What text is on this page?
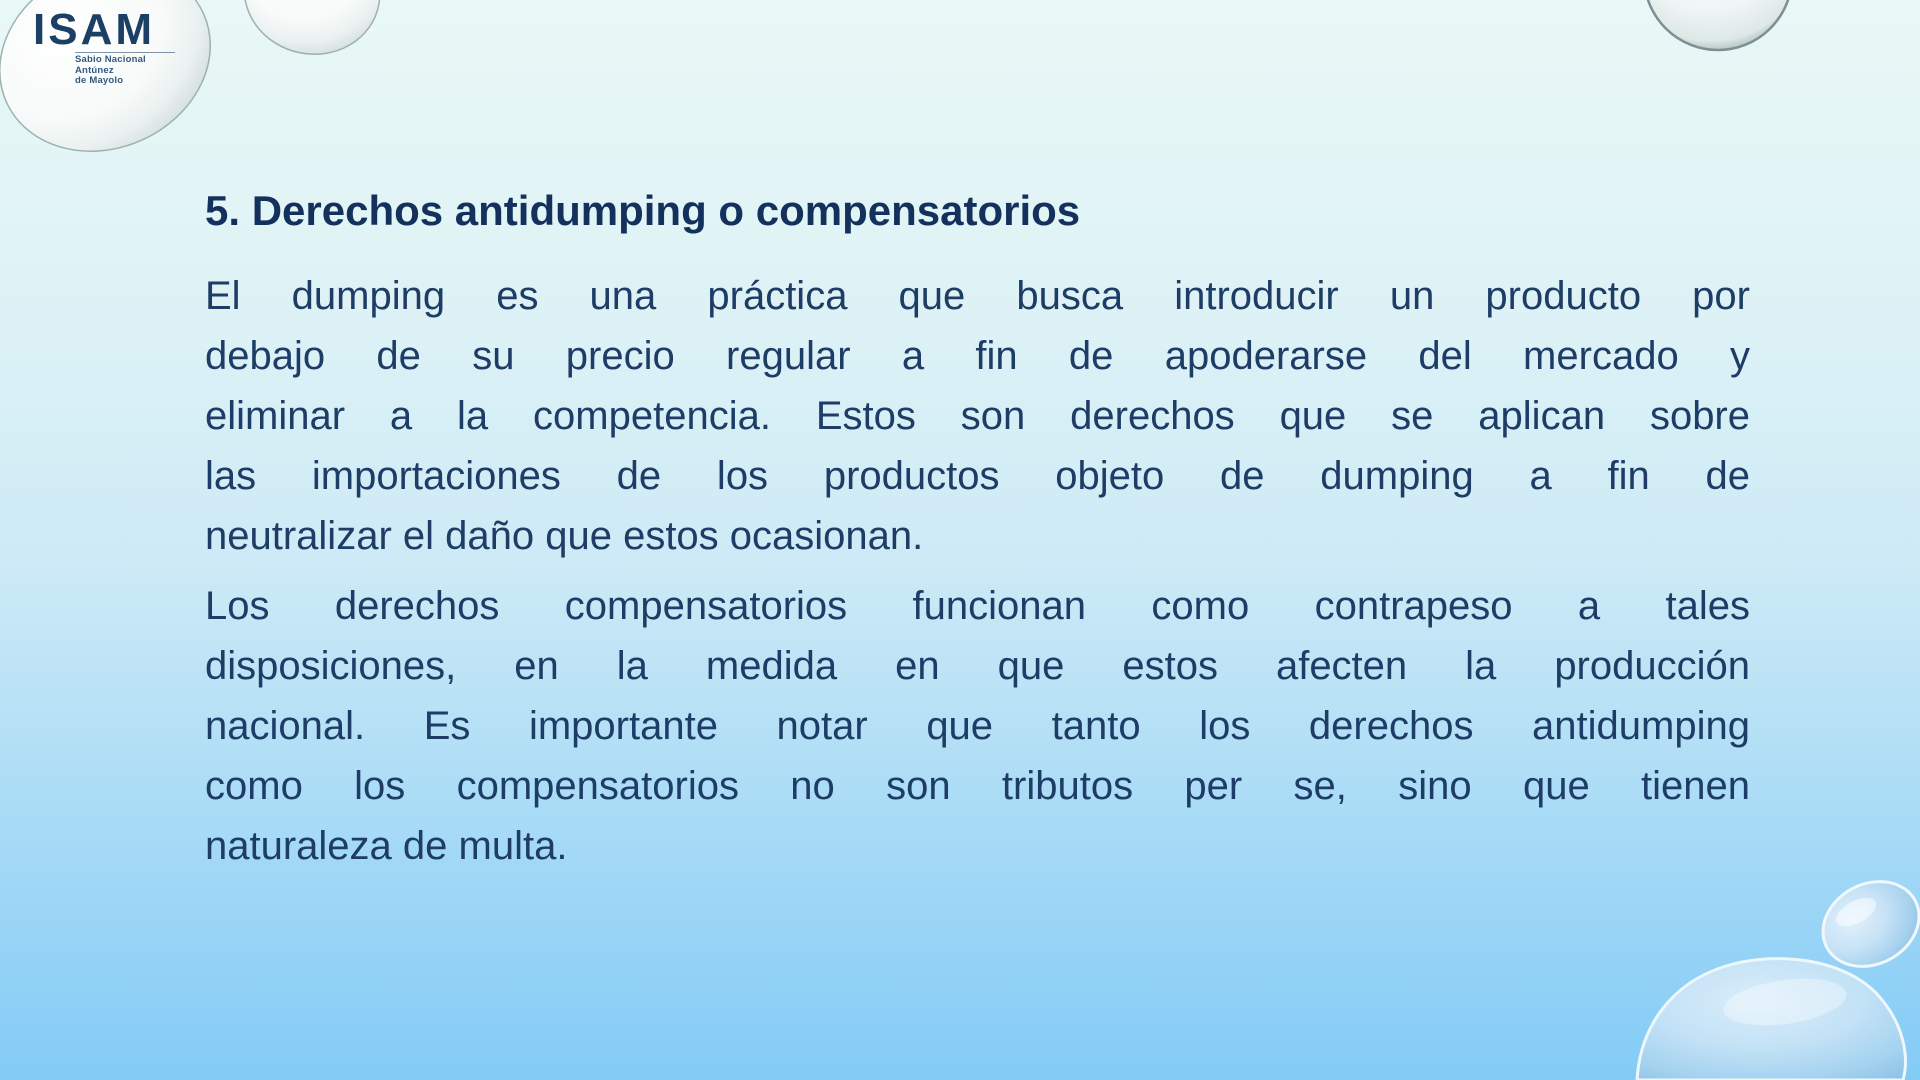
ISAM
Sabio Nacional Antúnez
de Mayolo
5. Derechos antidumping o compensatorios
El dumping es una práctica que busca introducir un producto por
debajo de su precio regular a fin de apoderarse del mercado y
eliminar a la competencia. Estos son derechos que se aplican sobre
las importaciones de los productos objeto de dumping a fin de
neutralizar el daño que estos ocasionan.
Los derechos compensatorios funcionan como contrapeso a tales
disposiciones, en la medida en que estos afecten la producción
nacional. Es importante notar que tanto los derechos antidumping
como los compensatorios no son tributos per se, sino que tienen
naturaleza de multa.
